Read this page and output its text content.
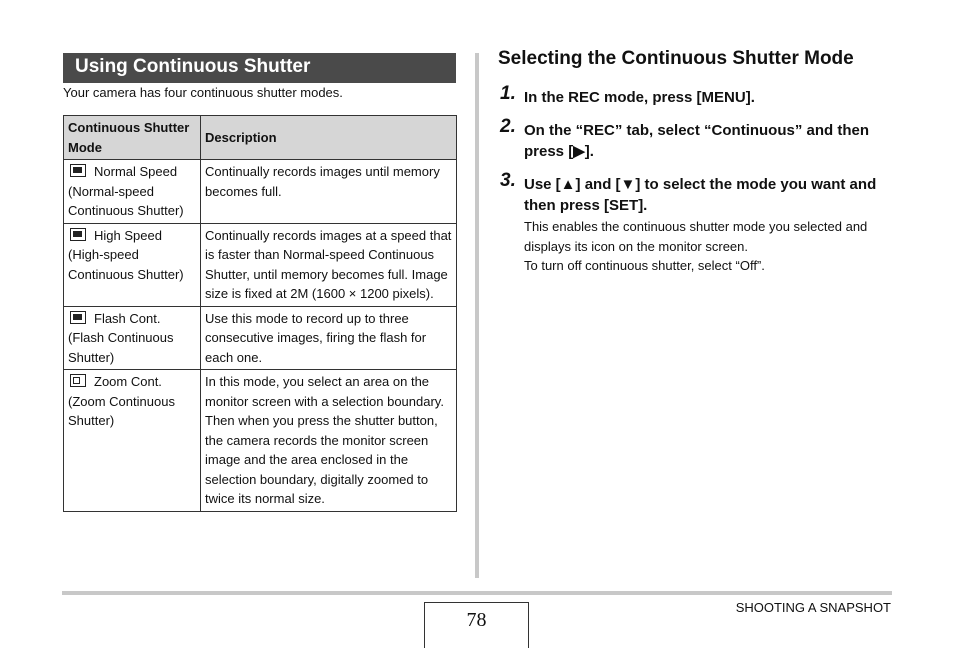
Using Continuous Shutter
Your camera has four continuous shutter modes.
Continuous Shutter Mode	Description
Normal Speed (Normal-speed Continuous Shutter)	Continually records images until memory becomes full.
High Speed (High-speed Continuous Shutter)	Continually records images at a speed that is faster than Normal-speed Continuous Shutter, until memory becomes full. Image size is fixed at 2M (1600 × 1200 pixels).
Flash Cont. (Flash Continuous Shutter)	Use this mode to record up to three consecutive images, firing the flash for each one.
Zoom Cont. (Zoom Continuous Shutter)	In this mode, you select an area on the monitor screen with a selection boundary. Then when you press the shutter button, the camera records the monitor screen image and the area enclosed in the selection boundary, digitally zoomed to twice its normal size.
Selecting the Continuous Shutter Mode
1. In the REC mode, press [MENU].
2. On the “REC” tab, select “Continuous” and then press [▶].
3. Use [▲] and [▼] to select the mode you want and then press [SET].
This enables the continuous shutter mode you selected and displays its icon on the monitor screen.
To turn off continuous shutter, select “Off”.
78
SHOOTING A SNAPSHOT
